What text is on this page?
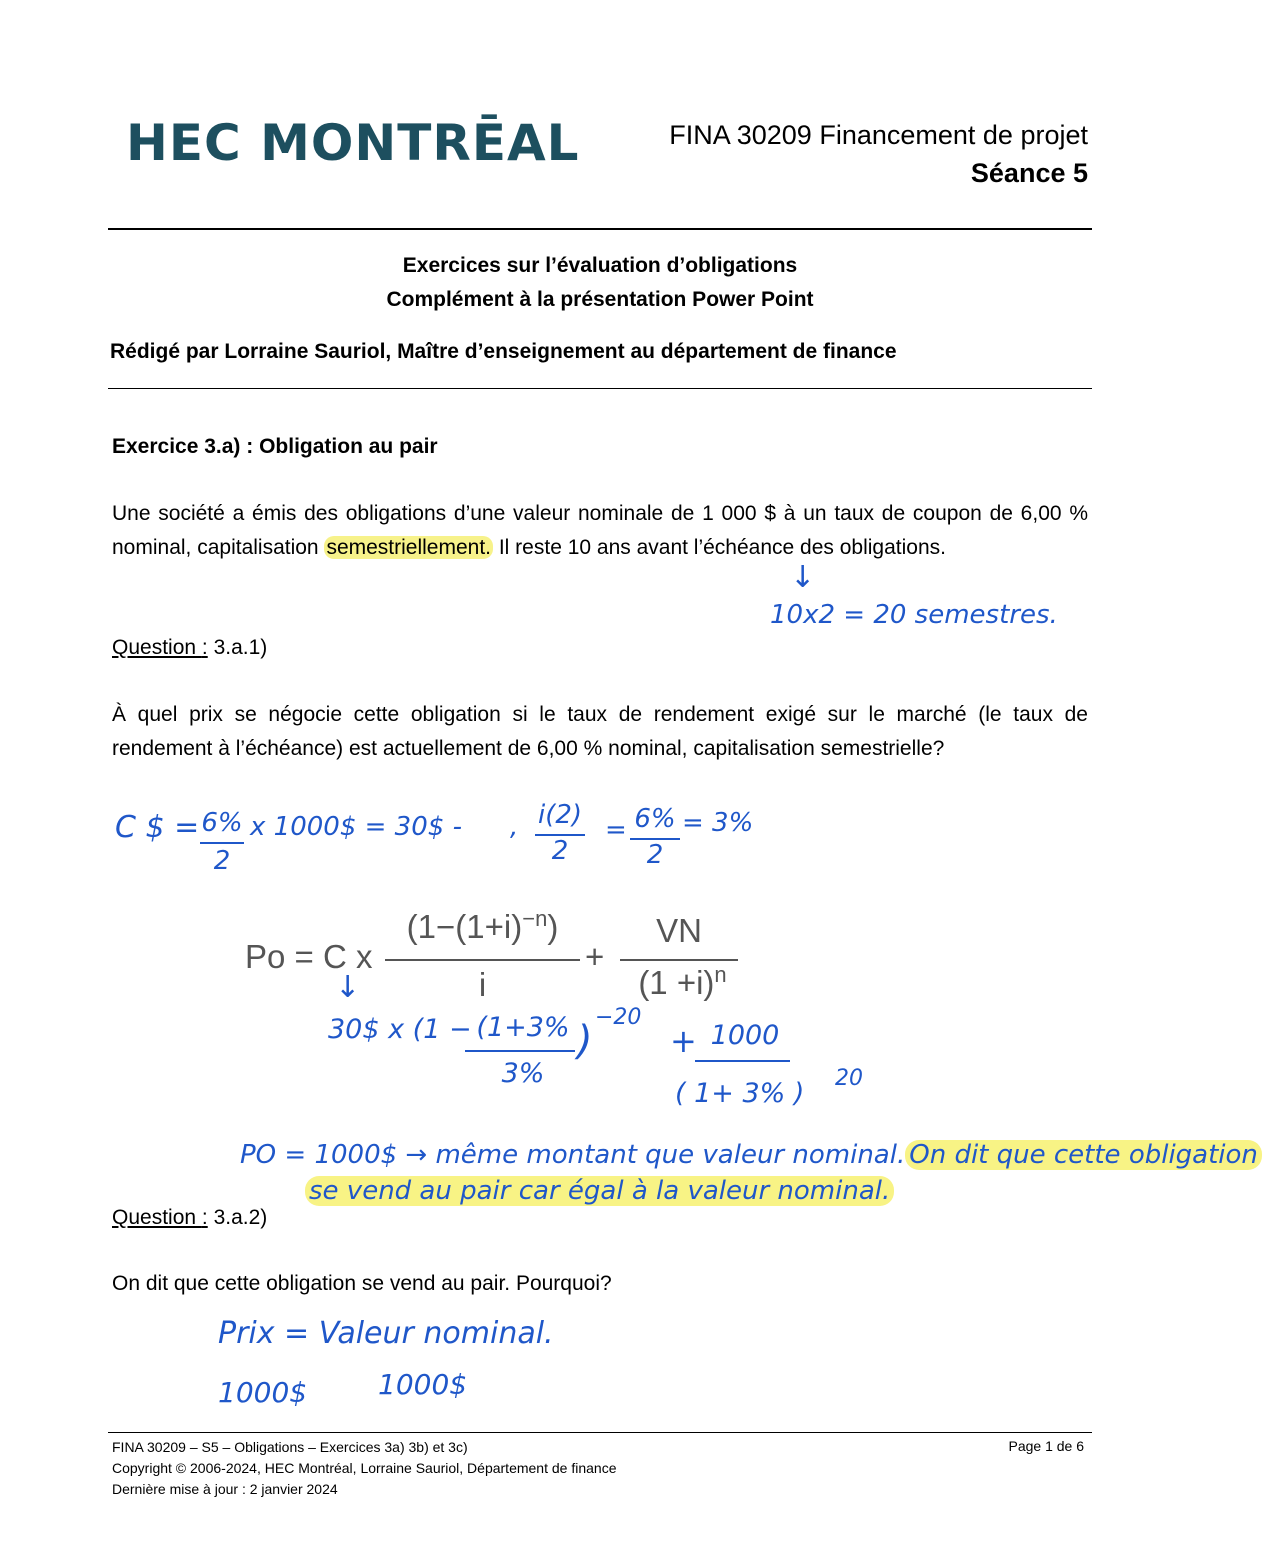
HEC MONTRĒAL	FINA 30209 Financement de projet
Séance 5
Exercices sur l’évaluation d’obligations
Complément à la présentation Power Point
Rédigé par Lorraine Sauriol, Maître d’enseignement au département de finance
Exercice 3.a) : Obligation au pair
Une société a émis des obligations d’une valeur nominale de 1 000 $ à un taux de coupon de 6,00 % nominal, capitalisation semestriellement. Il reste 10 ans avant l’échéance des obligations.
↓
10x2 = 20 semestres.
Question : 3.a.1)
À quel prix se négocie cette obligation si le taux de rendement exigé sur le marché (le taux de rendement à l’échéance) est actuellement de 6,00 % nominal, capitalisation semestrielle?
C $ = 6%
2
x 1000$ = 30$ - , i(2)
2
= 6%
2
= 3%
Po = C x
$(1-(1+i)^{-n})$
i
+
VN
$(1 +i)^n$
↓
30$ x (1 − (1+3%
3%
)
−20
+ 1000
( 1+ 3% ) 20
PO = 1000$ → même montant que valeur nominal. On dit que cette obligation
se vend au pair car égal à la valeur nominal.
Question : 3.a.2)
On dit que cette obligation se vend au pair. Pourquoi?
Prix = Valeur nominal.
1000$	1000$
FINA 30209 – S5 – Obligations – Exercices 3a) 3b) et 3c)	Page 1 de 6
Copyright © 2006-2024, HEC Montréal, Lorraine Sauriol, Département de finance
Dernière mise à jour : 2 janvier 2024
